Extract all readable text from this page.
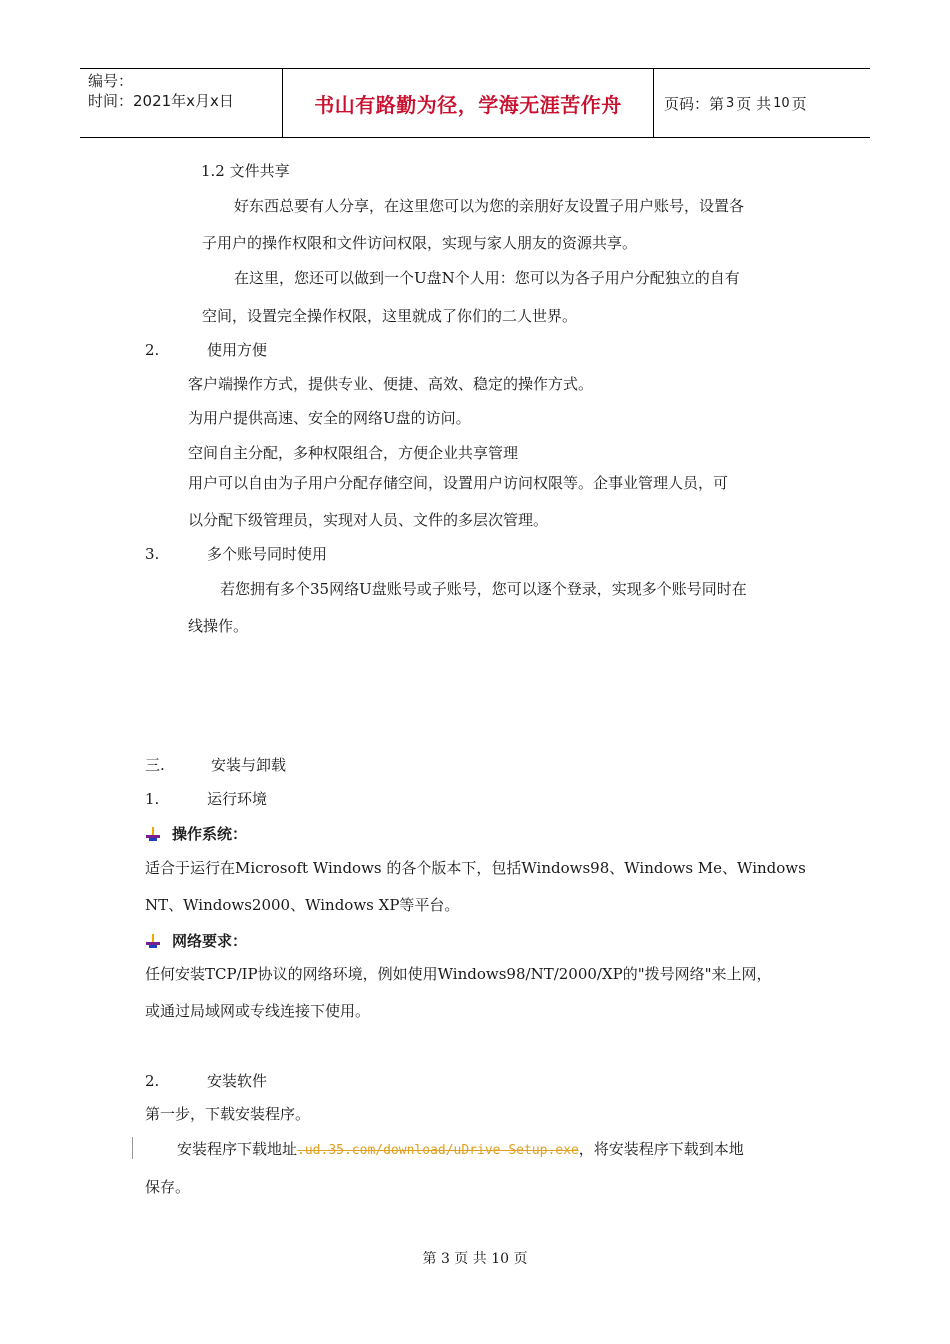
编号：
时间：2021年x月x日	书山有路勤为径，学海无涯苦作舟	页码：第 3 页 共 10 页
1.2 文件共享
好东西总要有人分享，在这里您可以为您的亲朋好友设置子用户账号，设置各
子用户的操作权限和文件访问权限，实现与家人朋友的资源共享。
在这里，您还可以做到一个U盘N个人用：您可以为各子用户分配独立的自有
空间，设置完全操作权限，这里就成了你们的二人世界。
2.	使用方便
客户端操作方式，提供专业、便捷、高效、稳定的操作方式。
为用户提供高速、安全的网络U盘的访问。
空间自主分配，多种权限组合，方便企业共享管理
用户可以自由为子用户分配存储空间，设置用户访问权限等。企事业管理人员，可
以分配下级管理员，实现对人员、文件的多层次管理。
3.	多个账号同时使用
若您拥有多个35网络U盘账号或子账号，您可以逐个登录，实现多个账号同时在
线操作。
三.	安装与卸载
1.	运行环境
操作系统：
适合于运行在Microsoft Windows 的各个版本下，包括Windows98、Windows Me、Windows
NT、Windows2000、Windows XP等平台。
网络要求：
任何安装TCP/IP协议的网络环境，例如使用Windows98/NT/2000/XP的"拨号网络"来上网，
或通过局域网或专线连接下使用。
2.	安装软件
第一步，下载安装程序。
安装程序下载地址.ud.35.com/download/uDrive-Setup.exe，将安装程序下载到本地
保存。
第 3 页 共 10 页
